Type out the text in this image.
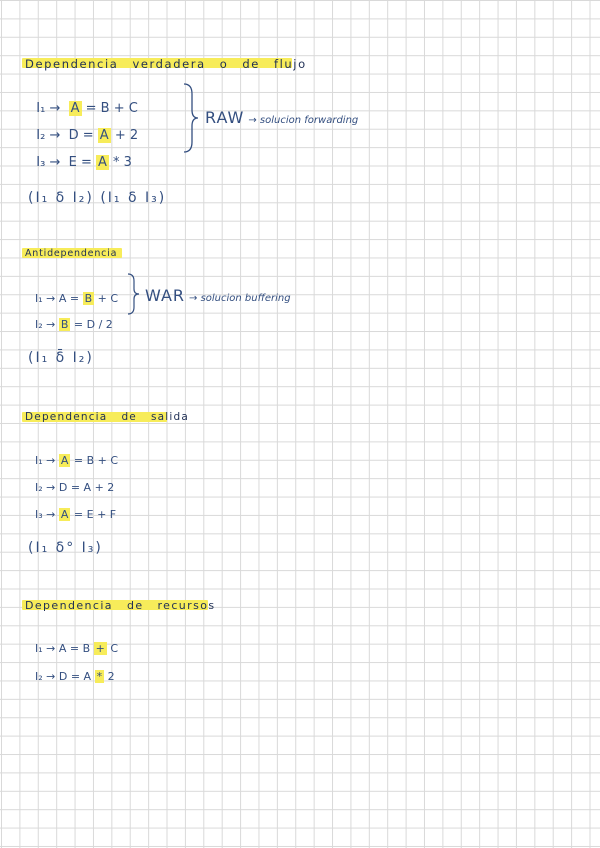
Dependencia verdadera o de flujo

I₁ → A = B + C

I₂ → D = A + 2

I₃ → E = A * 3

RAW → solucion forwarding
(I₁ δ I₂) (I₁ δ I₃)
Antidependencia

I₁ → A = B + C

I₂ → B = D / 2

WAR → solucion buffering
(I₁ δ̄ I₂)
Dependencia de salida

I₁ → A = B + C

I₂ → D = A + 2

I₃ → A = E + F

(I₁ δ° I₃)
Dependencia de recursos

I₁ → A = B + C

I₂ → D = A * 2
